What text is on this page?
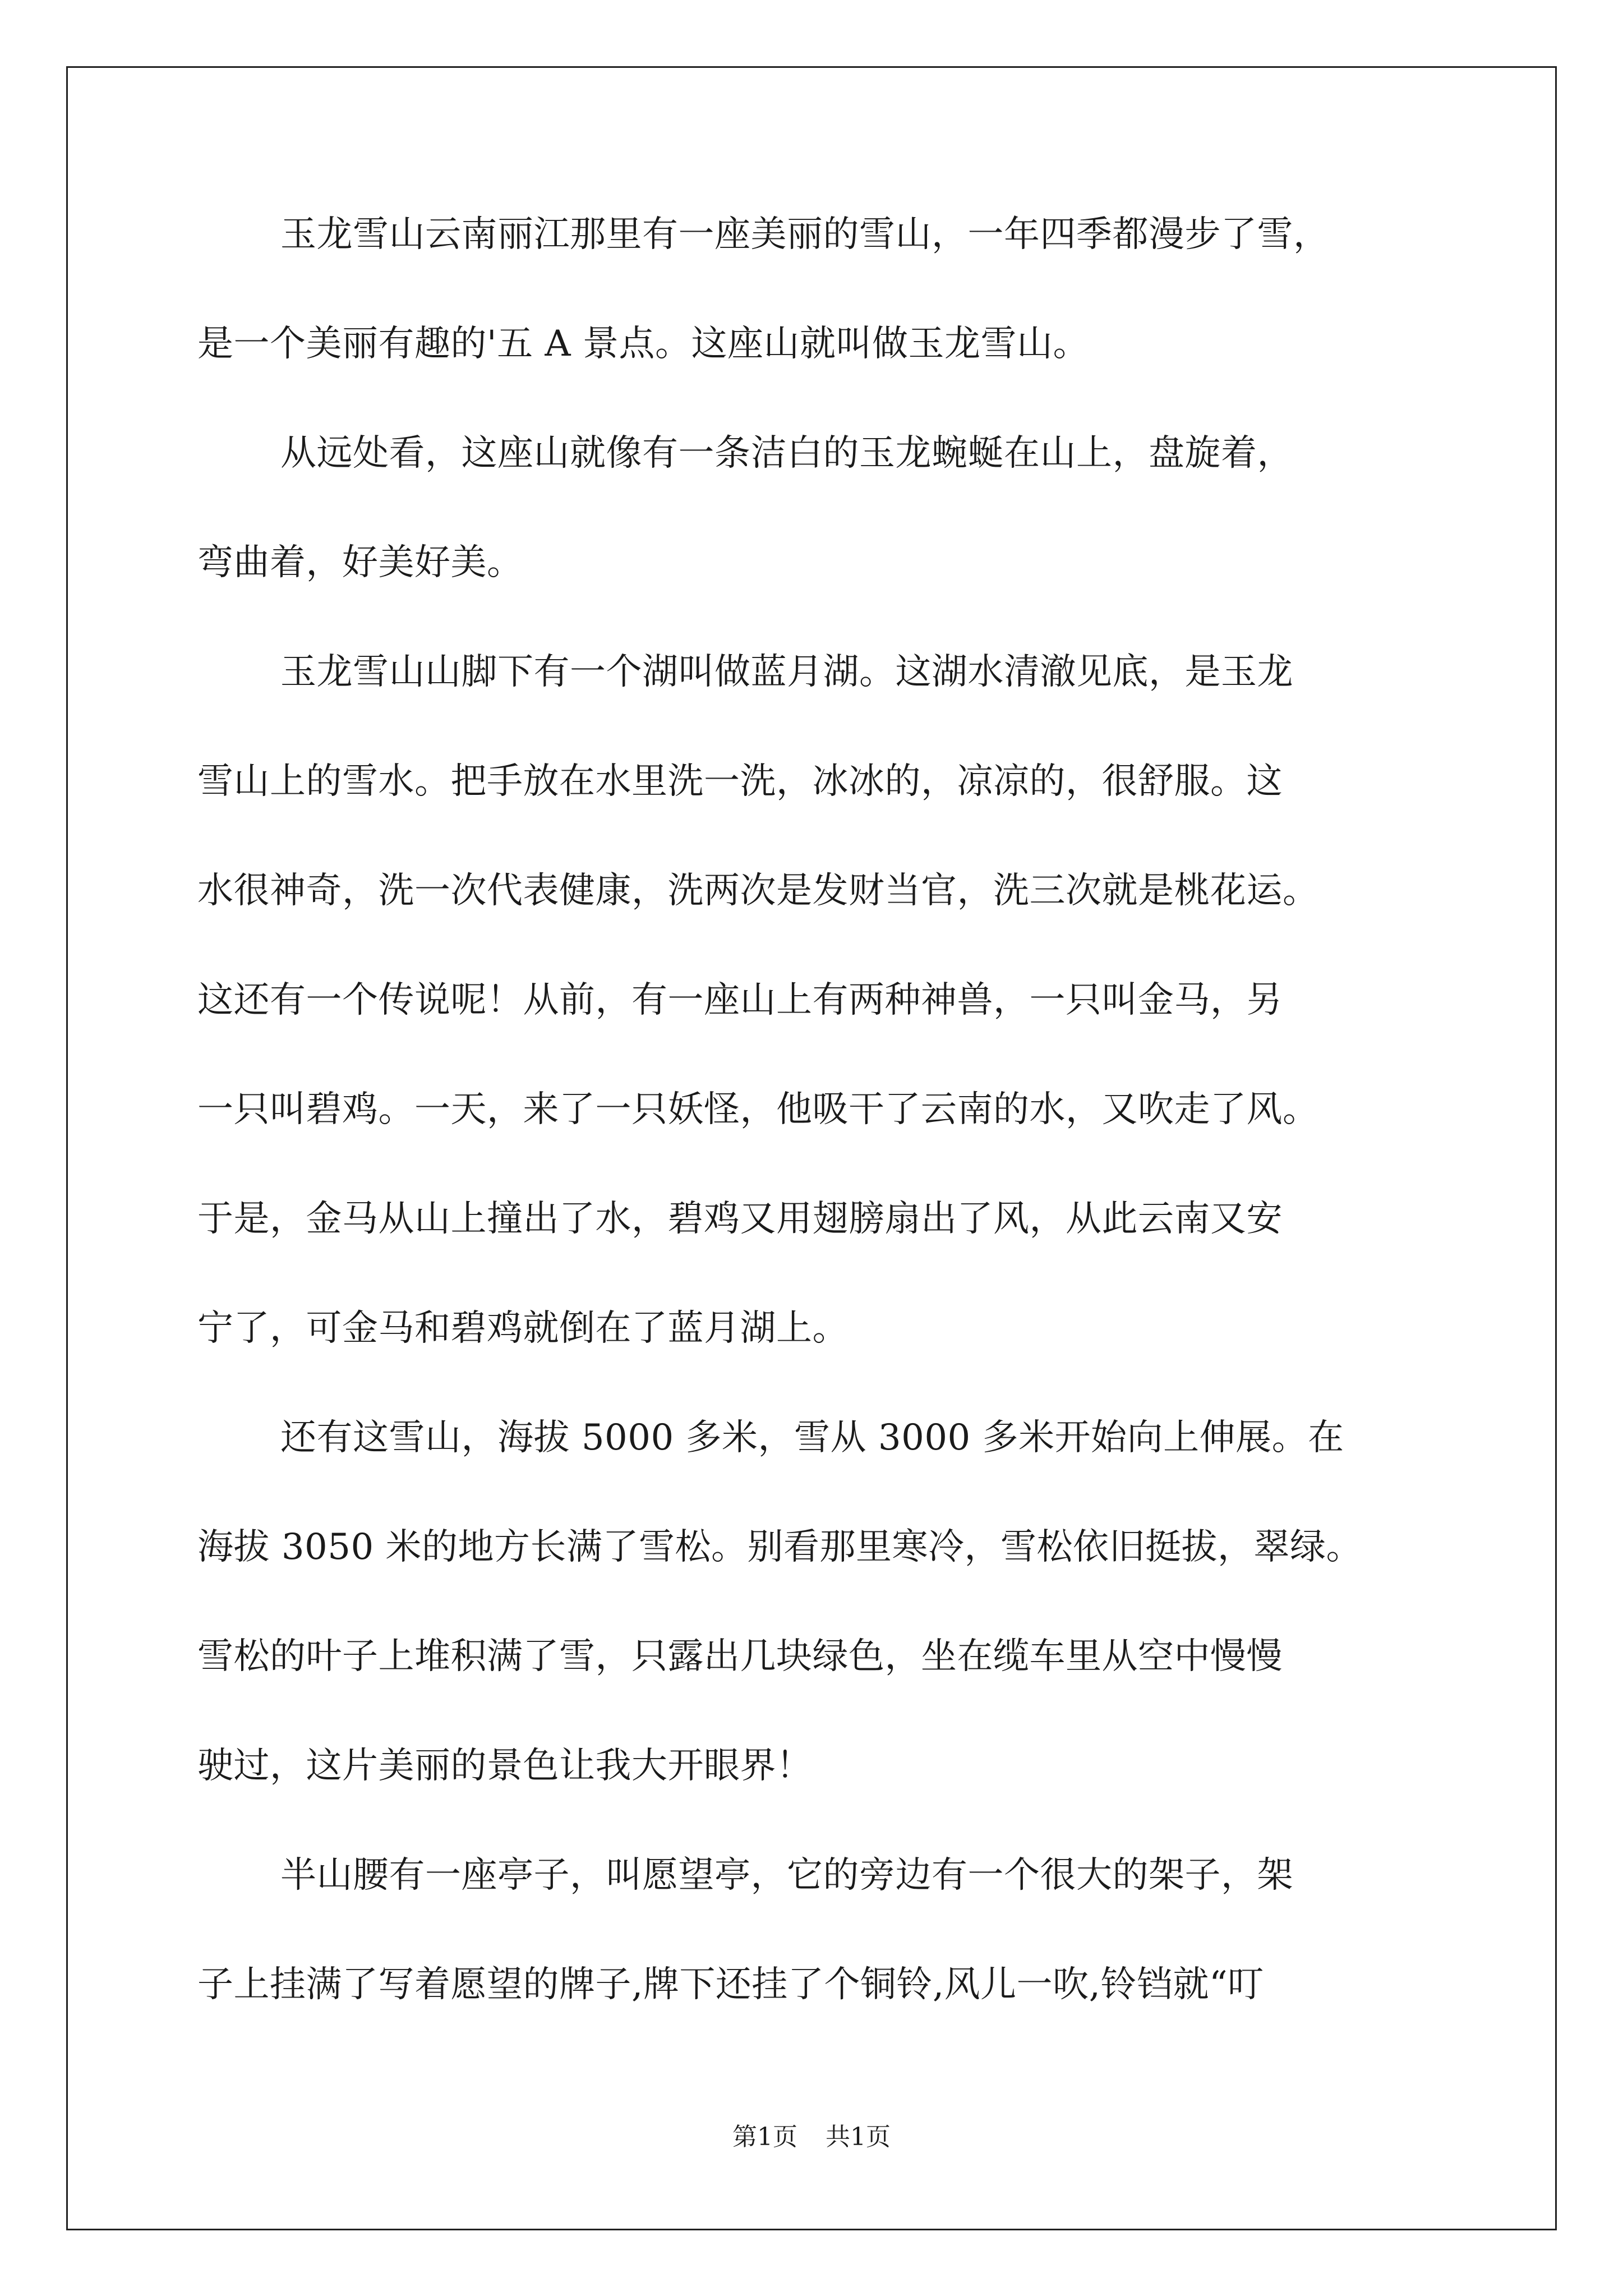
玉龙雪山云南丽江那里有一座美丽的雪山，一年四季都漫步了雪，
是一个美丽有趣的'五 A 景点。这座山就叫做玉龙雪山。
从远处看，这座山就像有一条洁白的玉龙蜿蜒在山上，盘旋着，
弯曲着，好美好美。
玉龙雪山山脚下有一个湖叫做蓝月湖。这湖水清澈见底，是玉龙
雪山上的雪水。把手放在水里洗一洗，冰冰的，凉凉的，很舒服。这
水很神奇，洗一次代表健康，洗两次是发财当官，洗三次就是桃花运。
这还有一个传说呢！从前，有一座山上有两种神兽，一只叫金马，另
一只叫碧鸡。一天，来了一只妖怪，他吸干了云南的水，又吹走了风。
于是，金马从山上撞出了水，碧鸡又用翅膀扇出了风，从此云南又安
宁了，可金马和碧鸡就倒在了蓝月湖上。
还有这雪山，海拔 5000 多米，雪从 3000 多米开始向上伸展。在
海拔 3050 米的地方长满了雪松。别看那里寒冷，雪松依旧挺拔，翠绿。
雪松的叶子上堆积满了雪，只露出几块绿色，坐在缆车里从空中慢慢
驶过，这片美丽的景色让我大开眼界！
半山腰有一座亭子，叫愿望亭，它的旁边有一个很大的架子，架
子上挂满了写着愿望的牌子,牌下还挂了个铜铃,风儿一吹,铃铛就“叮
第1页 共1页
